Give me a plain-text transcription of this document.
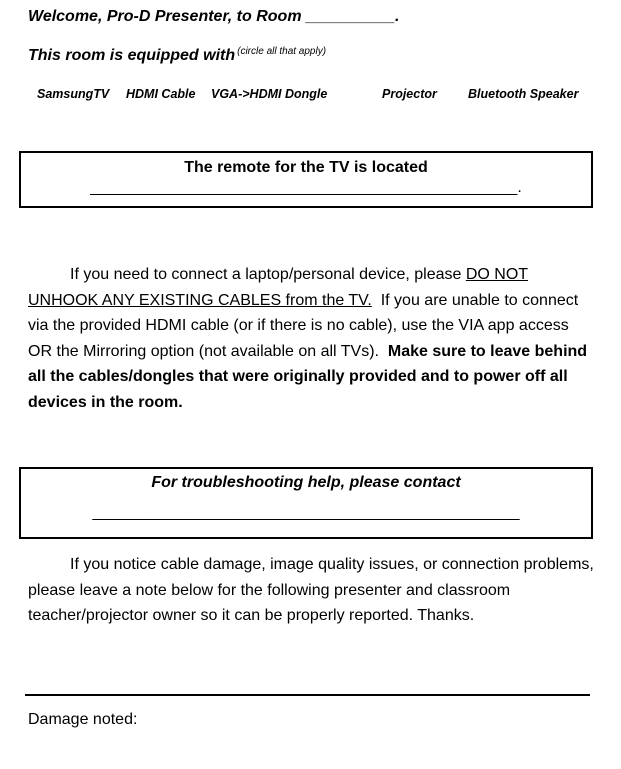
Welcome, Pro-D Presenter, to Room __________.
This room is equipped with $^{(circle all that apply)}$
SamsungTV HDMI Cable VGA->HDMI Dongle	Projector Bluetooth Speaker
The remote for the TV is located
________________________________________________.
If you need to connect a laptop/personal device, please DO NOT UNHOOK ANY EXISTING CABLES from the TV.  If you are unable to connect via the provided HDMI cable (or if there is no cable), use the VIA app access OR the Mirroring option (not available on all TVs).  Make sure to leave behind all the cables/dongles that were originally provided and to power off all devices in the room.
For troubleshooting help, please contact
________________________________________________
If you notice cable damage, image quality issues, or connection problems, please leave a note below for the following presenter and classroom teacher/projector owner so it can be properly reported. Thanks.
Damage noted:
